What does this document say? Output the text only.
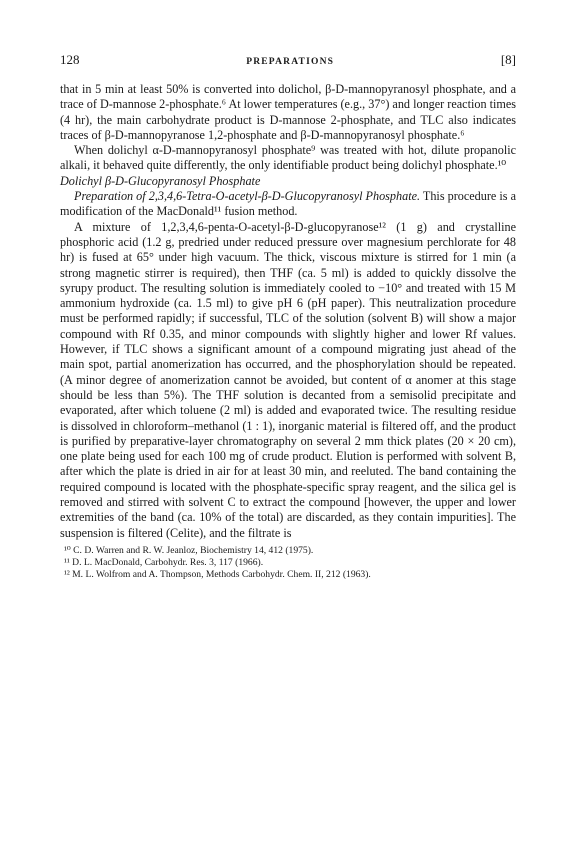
128	PREPARATIONS	[8]

that in 5 min at least 50% is converted into dolichol, β-D-mannopyranosyl phosphate, and a trace of D-mannose 2-phosphate.⁶ At lower temperatures (e.g., 37°) and longer reaction times (4 hr), the main carbohydrate product is D-mannose 2-phosphate, and TLC also indicates traces of β-D-mannopyranose 1,2-phosphate and β-D-mannopyranosyl phosphate.⁶

When dolichyl α-D-mannopyranosyl phosphate⁹ was treated with hot, dilute propanolic alkali, it behaved quite differently, the only identifiable product being dolichyl phosphate.¹⁰

Dolichyl β-D-Glucopyranosyl Phosphate

Preparation of 2,3,4,6-Tetra-O-acetyl-β-D-Glucopyranosyl Phosphate. This procedure is a modification of the MacDonald¹¹ fusion method.

A mixture of 1,2,3,4,6-penta-O-acetyl-β-D-glucopyranose¹² (1 g) and crystalline phosphoric acid (1.2 g, predried under reduced pressure over magnesium perchlorate for 48 hr) is fused at 65° under high vacuum. The thick, viscous mixture is stirred for 1 min (a strong magnetic stirrer is required), then THF (ca. 5 ml) is added to quickly dissolve the syrupy product. The resulting solution is immediately cooled to −10° and treated with 15 M ammonium hydroxide (ca. 1.5 ml) to give pH 6 (pH paper). This neutralization procedure must be performed rapidly; if successful, TLC of the solution (solvent B) will show a major compound with Rf 0.35, and minor compounds with slightly higher and lower Rf values. However, if TLC shows a significant amount of a compound migrating just ahead of the main spot, partial anomerization has occurred, and the phosphorylation should be repeated. (A minor degree of anomerization cannot be avoided, but content of α anomer at this stage should be less than 5%). The THF solution is decanted from a semisolid precipitate and evaporated, after which toluene (2 ml) is added and evaporated twice. The resulting residue is dissolved in chloroform–methanol (1 : 1), inorganic material is filtered off, and the product is purified by preparative-layer chromatography on several 2 mm thick plates (20 × 20 cm), one plate being used for each 100 mg of crude product. Elution is performed with solvent B, after which the plate is dried in air for at least 30 min, and reeluted. The band containing the required compound is located with the phosphate-specific spray reagent, and the silica gel is removed and stirred with solvent C to extract the compound [however, the upper and lower extremities of the band (ca. 10% of the total) are discarded, as they contain impurities]. The suspension is filtered (Celite), and the filtrate is

¹⁰ C. D. Warren and R. W. Jeanloz, Biochemistry 14, 412 (1975).

¹¹ D. L. MacDonald, Carbohydr. Res. 3, 117 (1966).

¹² M. L. Wolfrom and A. Thompson, Methods Carbohydr. Chem. II, 212 (1963).
